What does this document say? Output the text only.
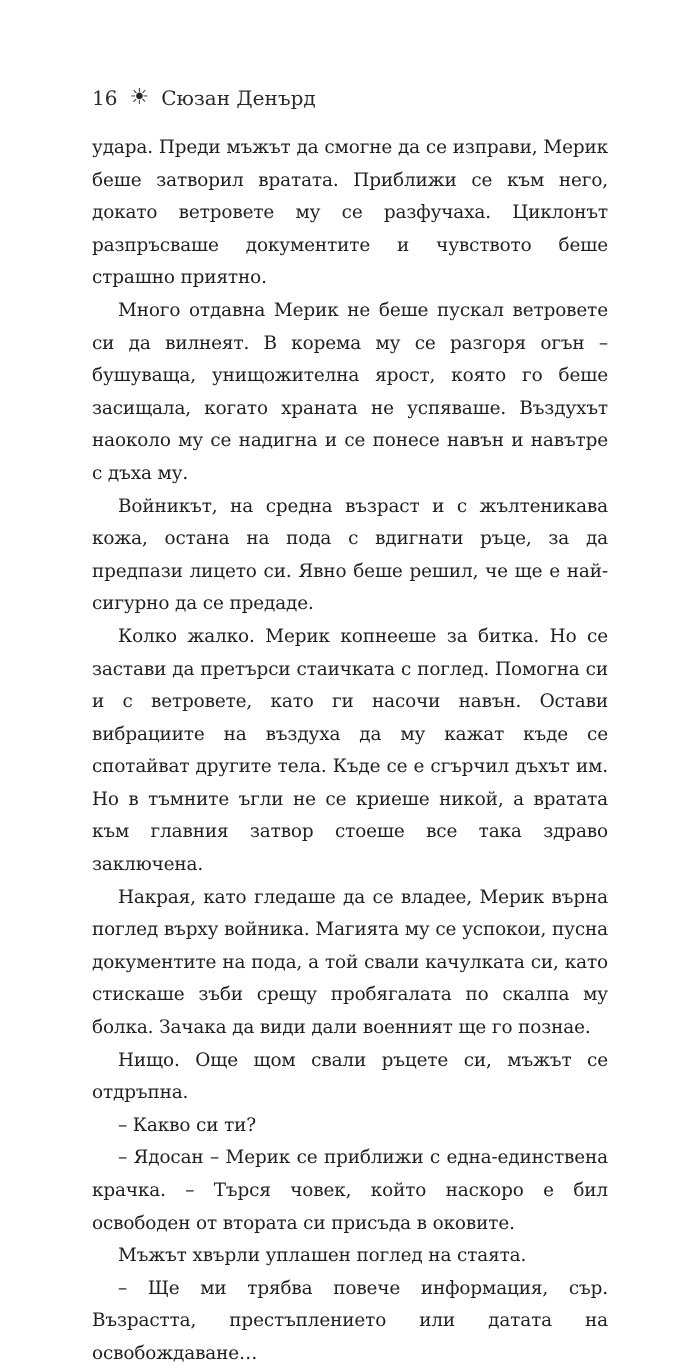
16 ☀ Сюзан Денърд

удара. Преди мъжът да смогне да се изправи, Мерик беше затворил вратата. Приближи се към него, докато ветровете му се разфучаха. Циклонът разпръсваше документите и чувството беше страшно приятно.

Много отдавна Мерик не беше пускал ветровете си да вилнеят. В корема му се разгоря огън – бушуваща, унищожителна ярост, която го беше засищала, когато храната не успяваше. Въздухът наоколо му се надигна и се понесе навън и навътре с дъха му.

Войникът, на средна възраст и с жълтеникава кожа, остана на пода с вдигнати ръце, за да предпази лицето си. Явно беше решил, че ще е най-сигурно да се предаде.

Колко жалко. Мерик копнееше за битка. Но се застави да претърси стаичката с поглед. Помогна си и с ветровете, като ги насочи навън. Остави вибрациите на въздуха да му кажат къде се спотайват другите тела. Къде се е сгърчил дъхът им. Но в тъмните ъгли не се криеше никой, а вратата към главния затвор стоеше все така здраво заключена.

Накрая, като гледаше да се владее, Мерик върна поглед върху войника. Магията му се успокои, пусна документите на пода, а той свали качулката си, като стискаше зъби срещу пробягалата по скалпа му болка. Зачака да види дали военният ще го познае.

Нищо. Още щом свали ръцете си, мъжът се отдръпна.

– Какво си ти?

– Ядосан – Мерик се приближи с една-единствена крачка. – Търся човек, който наскоро е бил освободен от втората си присъда в оковите.

Мъжът хвърли уплашен поглед на стаята.

– Ще ми трябва повече информация, сър. Възрастта, престъплението или датата на освобождаване…
